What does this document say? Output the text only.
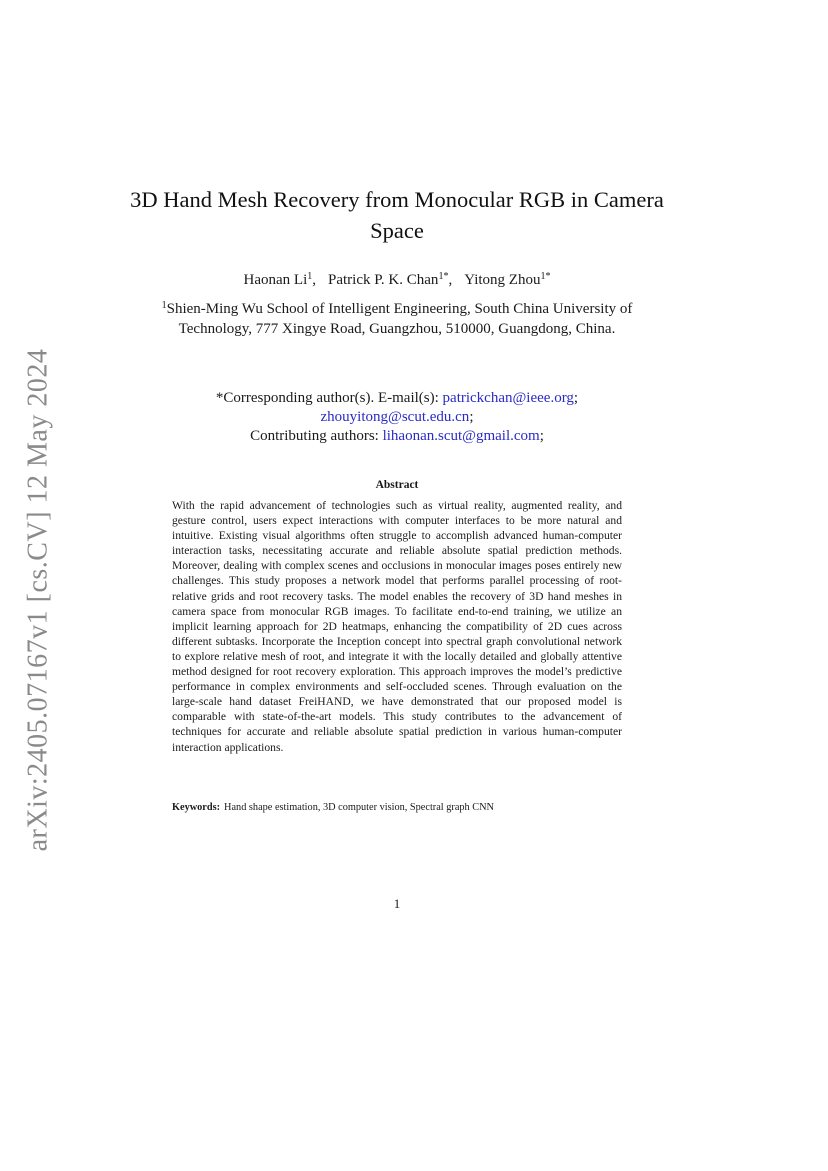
arXiv:2405.07167v1 [cs.CV] 12 May 2024
3D Hand Mesh Recovery from Monocular RGB in Camera Space
Haonan Li$^1$, Patrick P. K. Chan$^{1*}$, Yitong Zhou$^{1*}$
$^1$Shien-Ming Wu School of Intelligent Engineering, South China University of Technology, 777 Xingye Road, Guangzhou, 510000, Guangdong, China.
*Corresponding author(s). E-mail(s): patrickchan@ieee.org;
zhouyitong@scut.edu.cn;
Contributing authors: lihaonan.scut@gmail.com;
Abstract
With the rapid advancement of technologies such as virtual reality, augmented reality, and gesture control, users expect interactions with computer interfaces to be more natural and intuitive. Existing visual algorithms often struggle to accomplish advanced human-computer interaction tasks, necessitating accurate and reliable absolute spatial prediction methods. Moreover, dealing with complex scenes and occlusions in monocular images poses entirely new challenges. This study proposes a network model that performs parallel processing of root-relative grids and root recovery tasks. The model enables the recovery of 3D hand meshes in camera space from monocular RGB images. To facilitate end-to-end training, we utilize an implicit learning approach for 2D heatmaps, enhancing the compatibility of 2D cues across different subtasks. Incorporate the Inception concept into spectral graph convolutional network to explore relative mesh of root, and integrate it with the locally detailed and globally attentive method designed for root recovery exploration. This approach improves the model’s predictive performance in complex environments and self-occluded scenes. Through evaluation on the large-scale hand dataset FreiHAND, we have demonstrated that our proposed model is comparable with state-of-the-art models. This study contributes to the advancement of techniques for accurate and reliable absolute spatial prediction in various human-computer interaction applications.
Keywords: Hand shape estimation, 3D computer vision, Spectral graph CNN
1
